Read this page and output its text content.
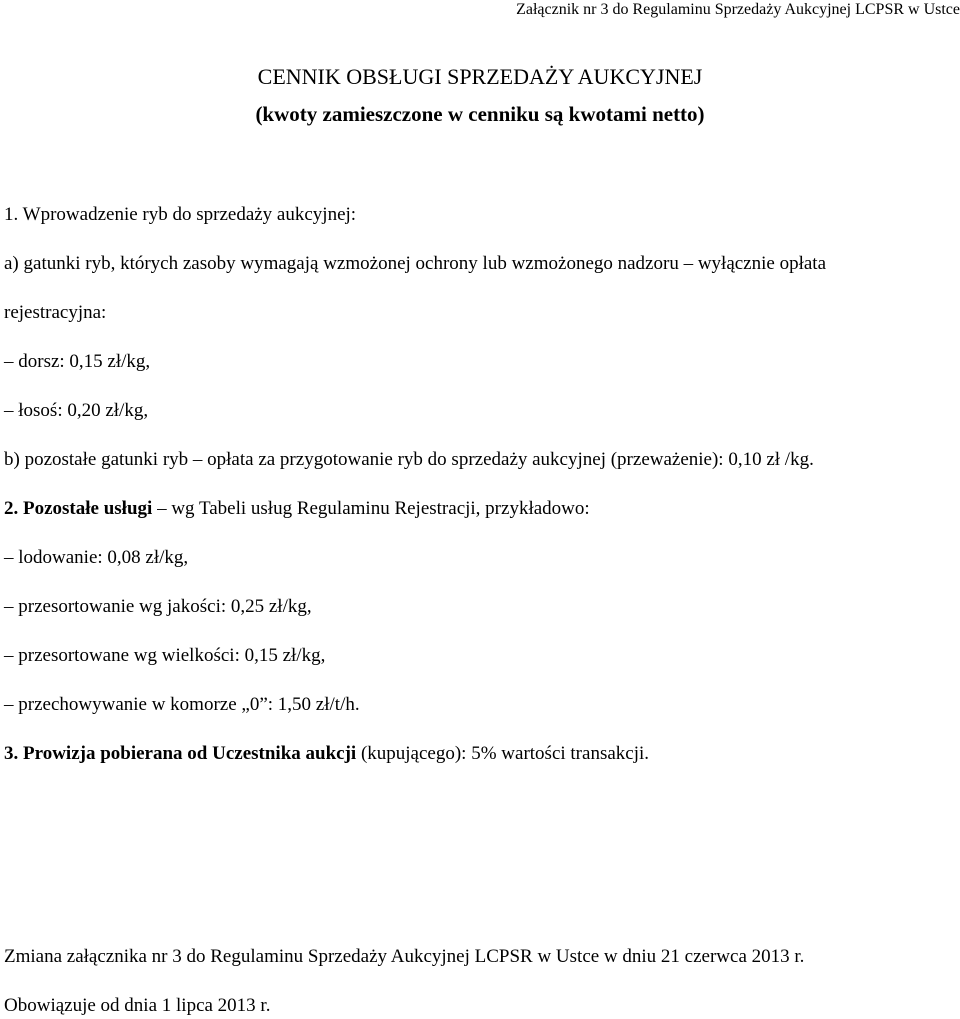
Załącznik nr 3 do Regulaminu Sprzedaży Aukcyjnej LCPSR w Ustce
CENNIK OBSŁUGI SPRZEDAŻY AUKCYJNEJ
(kwoty zamieszczone w cenniku są kwotami netto)
1. Wprowadzenie ryb do sprzedaży aukcyjnej:
a) gatunki ryb, których zasoby wymagają wzmożonej ochrony lub wzmożonego nadzoru – wyłącznie opłata
rejestracyjna:
– dorsz: 0,15 zł/kg,
– łosoś: 0,20 zł/kg,
b) pozostałe gatunki ryb – opłata za przygotowanie ryb do sprzedaży aukcyjnej (przeważenie): 0,10 zł /kg.
2. Pozostałe usługi – wg Tabeli usług Regulaminu Rejestracji, przykładowo:
– lodowanie: 0,08 zł/kg,
– przesortowanie wg jakości: 0,25 zł/kg,
– przesortowane wg wielkości: 0,15 zł/kg,
– przechowywanie w komorze „0”: 1,50 zł/t/h.
3. Prowizja pobierana od Uczestnika aukcji (kupującego): 5% wartości transakcji.
Zmiana załącznika nr 3 do Regulaminu Sprzedaży Aukcyjnej LCPSR w Ustce w dniu 21 czerwca 2013 r.
Obowiązuje od dnia 1 lipca 2013 r.
